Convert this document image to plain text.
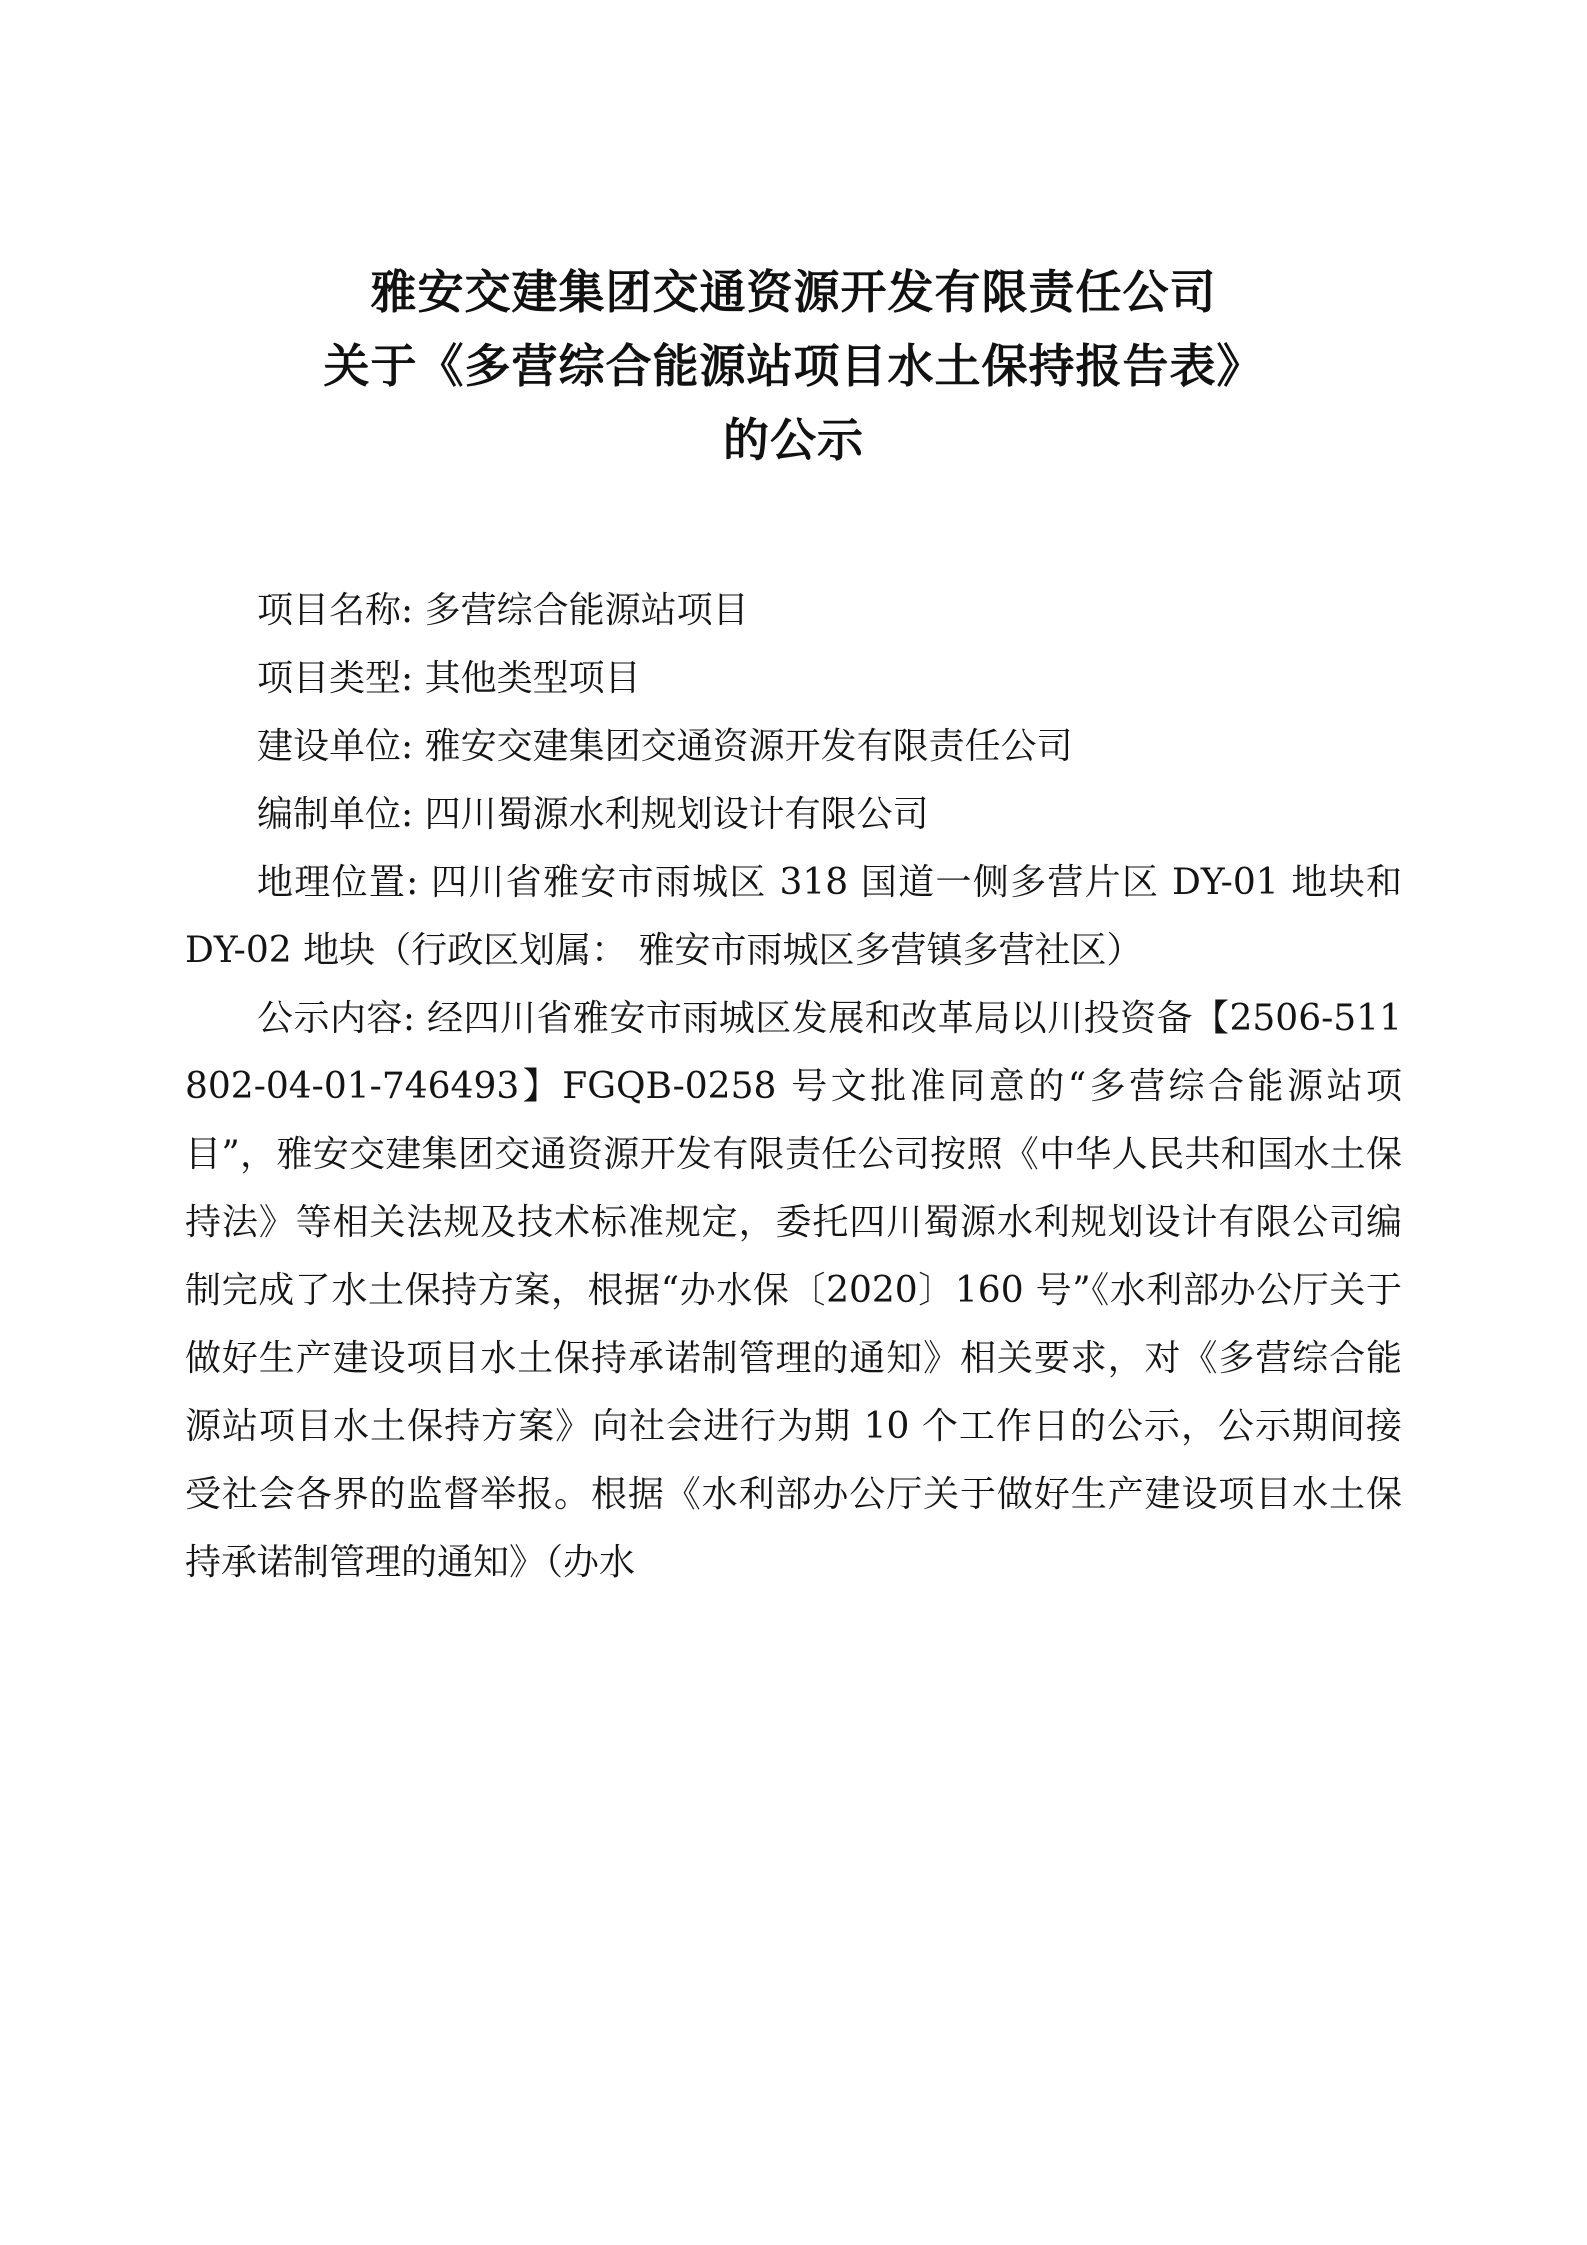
雅安交建集团交通资源开发有限责任公司
关于《多营综合能源站项目水土保持报告表》
的公示

项目名称: 多营综合能源站项目

项目类型: 其他类型项目

建设单位: 雅安交建集团交通资源开发有限责任公司

编制单位: 四川蜀源水利规划设计有限公司

地理位置: 四川省雅安市雨城区 318 国道一侧多营片区 DY-01 地块和 DY-02 地块（行政区划属： 雅安市雨城区多营镇多营社区）

公示内容: 经四川省雅安市雨城区发展和改革局以川投资备【2506-511802-04-01-746493】FGQB-0258 号文批准同意的“多营综合能源站项目”，雅安交建集团交通资源开发有限责任公司按照《中华人民共和国水土保持法》等相关法规及技术标准规定，委托四川蜀源水利规划设计有限公司编制完成了水土保持方案，根据“办水保〔2020〕160 号”《水利部办公厅关于做好生产建设项目水土保持承诺制管理的通知》相关要求，对《多营综合能源站项目水土保持方案》向社会进行为期 10 个工作日的公示，公示期间接受社会各界的监督举报。根据《水利部办公厅关于做好生产建设项目水土保持承诺制管理的通知》（办水
